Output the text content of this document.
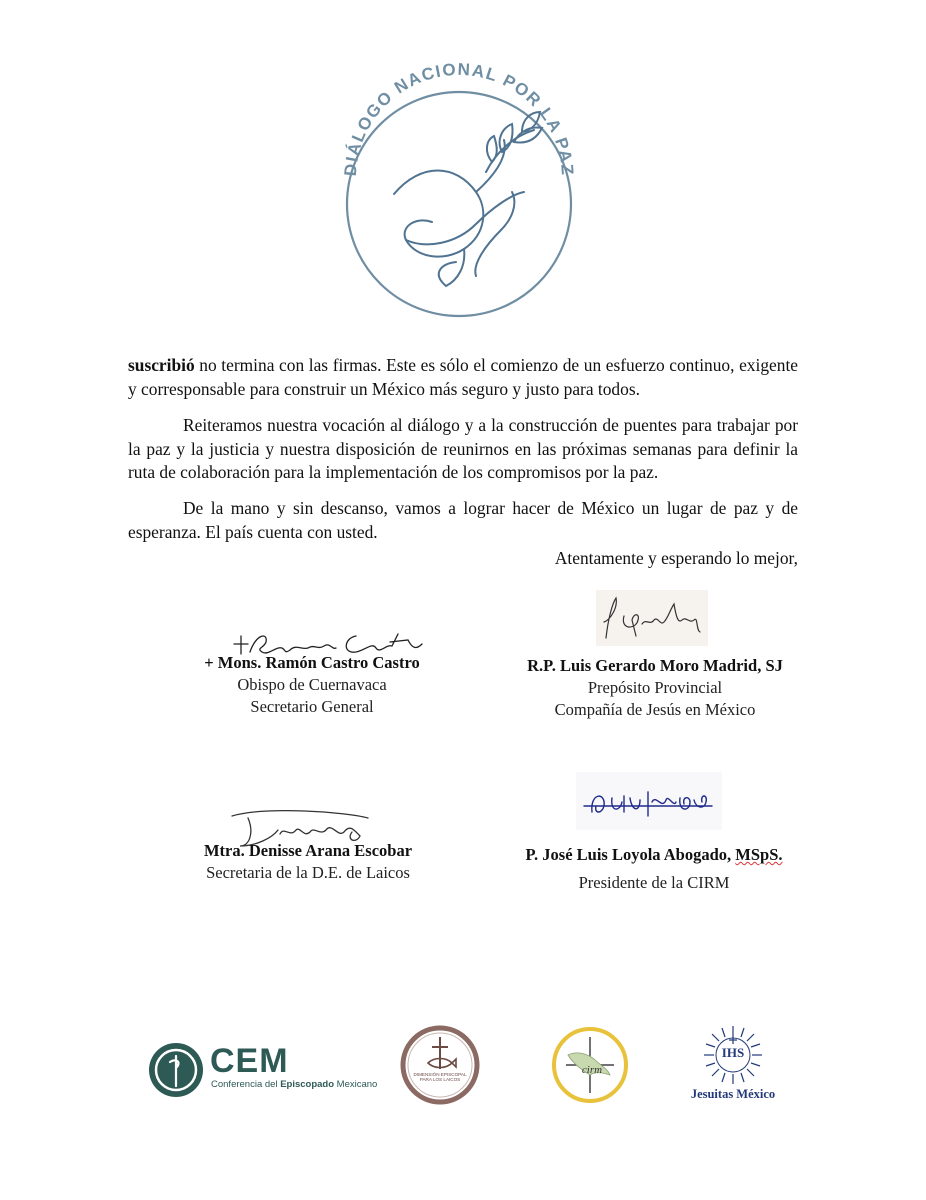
DIÁLOGO NACIONAL POR LA PAZ
suscribió no termina con las firmas. Este es sólo el comienzo de un esfuerzo continuo, exigente y corresponsable para construir un México más seguro y justo para todos.
Reiteramos nuestra vocación al diálogo y a la construcción de puentes para trabajar por la paz y la justicia y nuestra disposición de reunirnos en las próximas semanas para definir la ruta de colaboración para la implementación de los compromisos por la paz.
De la mano y sin descanso, vamos a lograr hacer de México un lugar de paz y de esperanza. El país cuenta con usted.
Atentamente y esperando lo mejor,
+ Mons. Ramón Castro Castro
Obispo de Cuernavaca
Secretario General
R.P. Luis Gerardo Moro Madrid, SJ
Prepósito Provincial
Compañía de Jesús en México
Mtra. Denisse Arana Escobar
Secretaria de la D.E. de Laicos
P. José Luis Loyola Abogado, MSpS.
Presidente de la CIRM
CEM
Conferencia del Episcopado Mexicano
DIMENSIÓN EPISCOPAL
PARA LOS LAICOS
cirm
IHS
Jesuitas México
